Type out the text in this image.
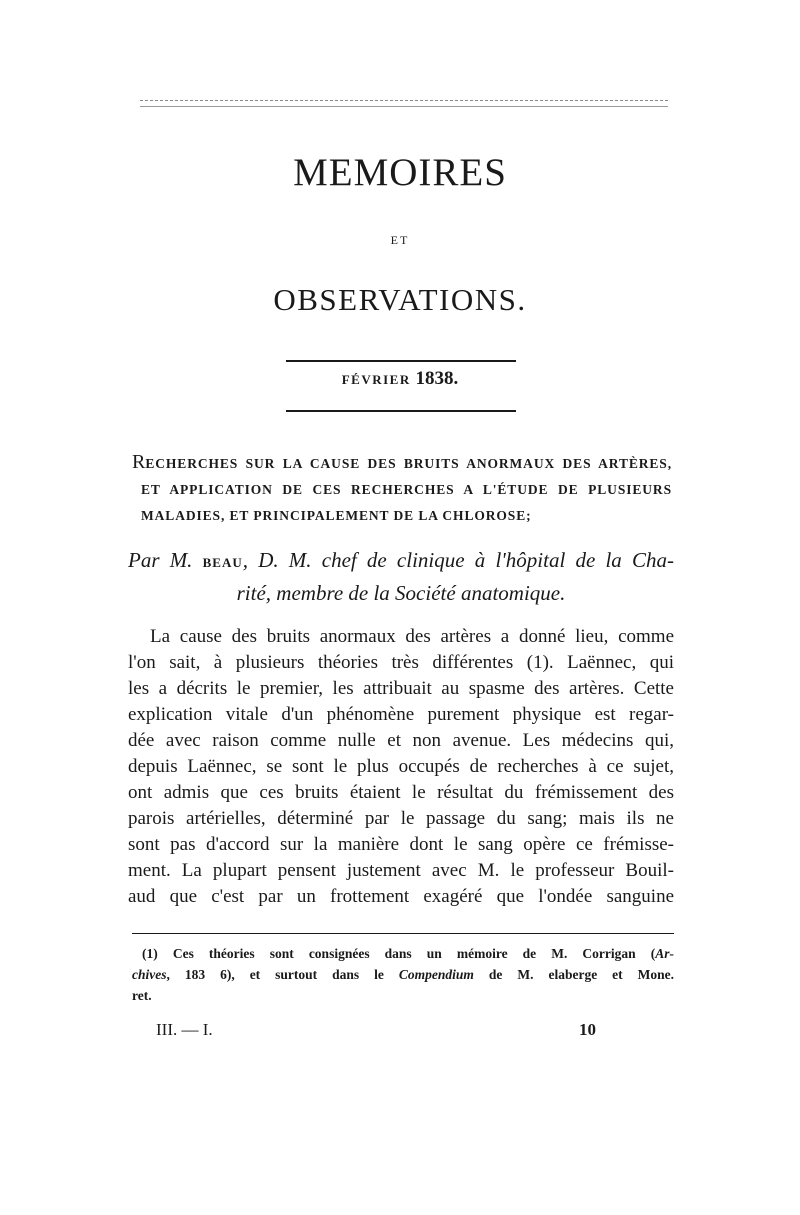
MEMOIRES
ET
OBSERVATIONS.
FÉVRIER 1838.
RECHERCHES SUR LA CAUSE DES BRUITS ANORMAUX DES ARTÈRES,
ET APPLICATION DE CES RECHERCHES A L'ÉTUDE DE PLUSIEURS
MALADIES, ET PRINCIPALEMENT DE LA CHLOROSE;
Par M. BEAU, D. M. chef de clinique à l'hôpital de la Cha-
rité, membre de la Société anatomique.
La cause des bruits anormaux des artères a donné lieu, comme
l'on sait, à plusieurs théories très différentes (1). Laënnec, qui
les a décrits le premier, les attribuait au spasme des artères. Cette
explication vitale d'un phénomène purement physique est regar-
dée avec raison comme nulle et non avenue. Les médecins qui,
depuis Laënnec, se sont le plus occupés de recherches à ce sujet,
ont admis que ces bruits étaient le résultat du frémissement des
parois artérielles, déterminé par le passage du sang; mais ils ne
sont pas d'accord sur la manière dont le sang opère ce frémisse-
ment. La plupart pensent justement avec M. le professeur Bouil-
aud que c'est par un frottement exagéré que l'ondée sanguine
(1) Ces théories sont consignées dans un mémoire de M. Corrigan (Ar-
chives, 183 6), et surtout dans le Compendium de M. elaberge et Mone.
ret.
III. — I.	10
